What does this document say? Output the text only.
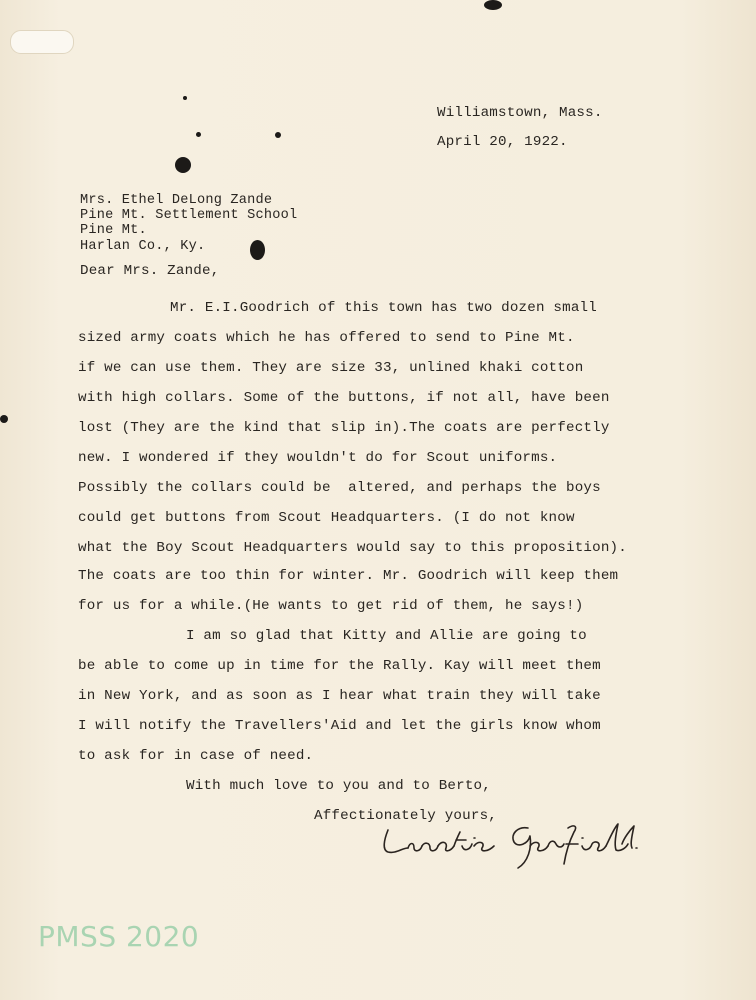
Williamstown, Mass.
April 20, 1922.
Mrs. Ethel DeLong Zande
Pine Mt. Settlement School
Pine Mt.
Harlan Co., Ky.
Dear Mrs. Zande,
Mr. E.I.Goodrich of this town has two dozen small
sized army coats which he has offered to send to Pine Mt.
if we can use them. They are size 33, unlined khaki cotton
with high collars. Some of the buttons, if not all, have been
lost (They are the kind that slip in).The coats are perfectly
new. I wondered if they wouldn't do for Scout uniforms.
Possibly the collars could be  altered, and perhaps the boys
could get buttons from Scout Headquarters. (I do not know
what the Boy Scout Headquarters would say to this proposition).
The coats are too thin for winter. Mr. Goodrich will keep them
for us for a while.(He wants to get rid of them, he says!)
I am so glad that Kitty and Allie are going to
be able to come up in time for the Rally. Kay will meet them
in New York, and as soon as I hear what train they will take
I will notify the Travellers'Aid and let the girls know whom
to ask for in case of need.
With much love to you and to Berto,
Affectionately yours,
PMSS 2020
